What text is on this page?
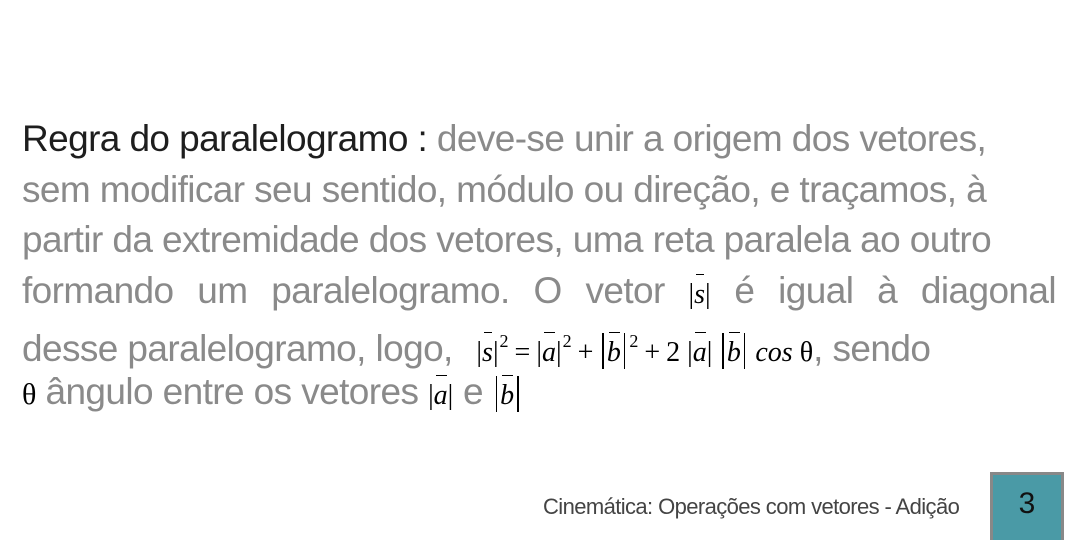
Regra do paralelogramo : deve-se unir a origem dos vetores,
sem modificar seu sentido, módulo ou direção, e traçamos, à
partir da extremidade dos vetores, uma reta paralela ao outro
formando um paralelogramo. O vetor |s| é igual à diagonal
desse paralelogramo, logo, $|s|^2 = |a|^2 + b$ $^2$ + 2 |a| b cos θ, sendo
θ ângulo entre os vetores |a| e b
Cinemática: Operações com vetores - Adição 3
